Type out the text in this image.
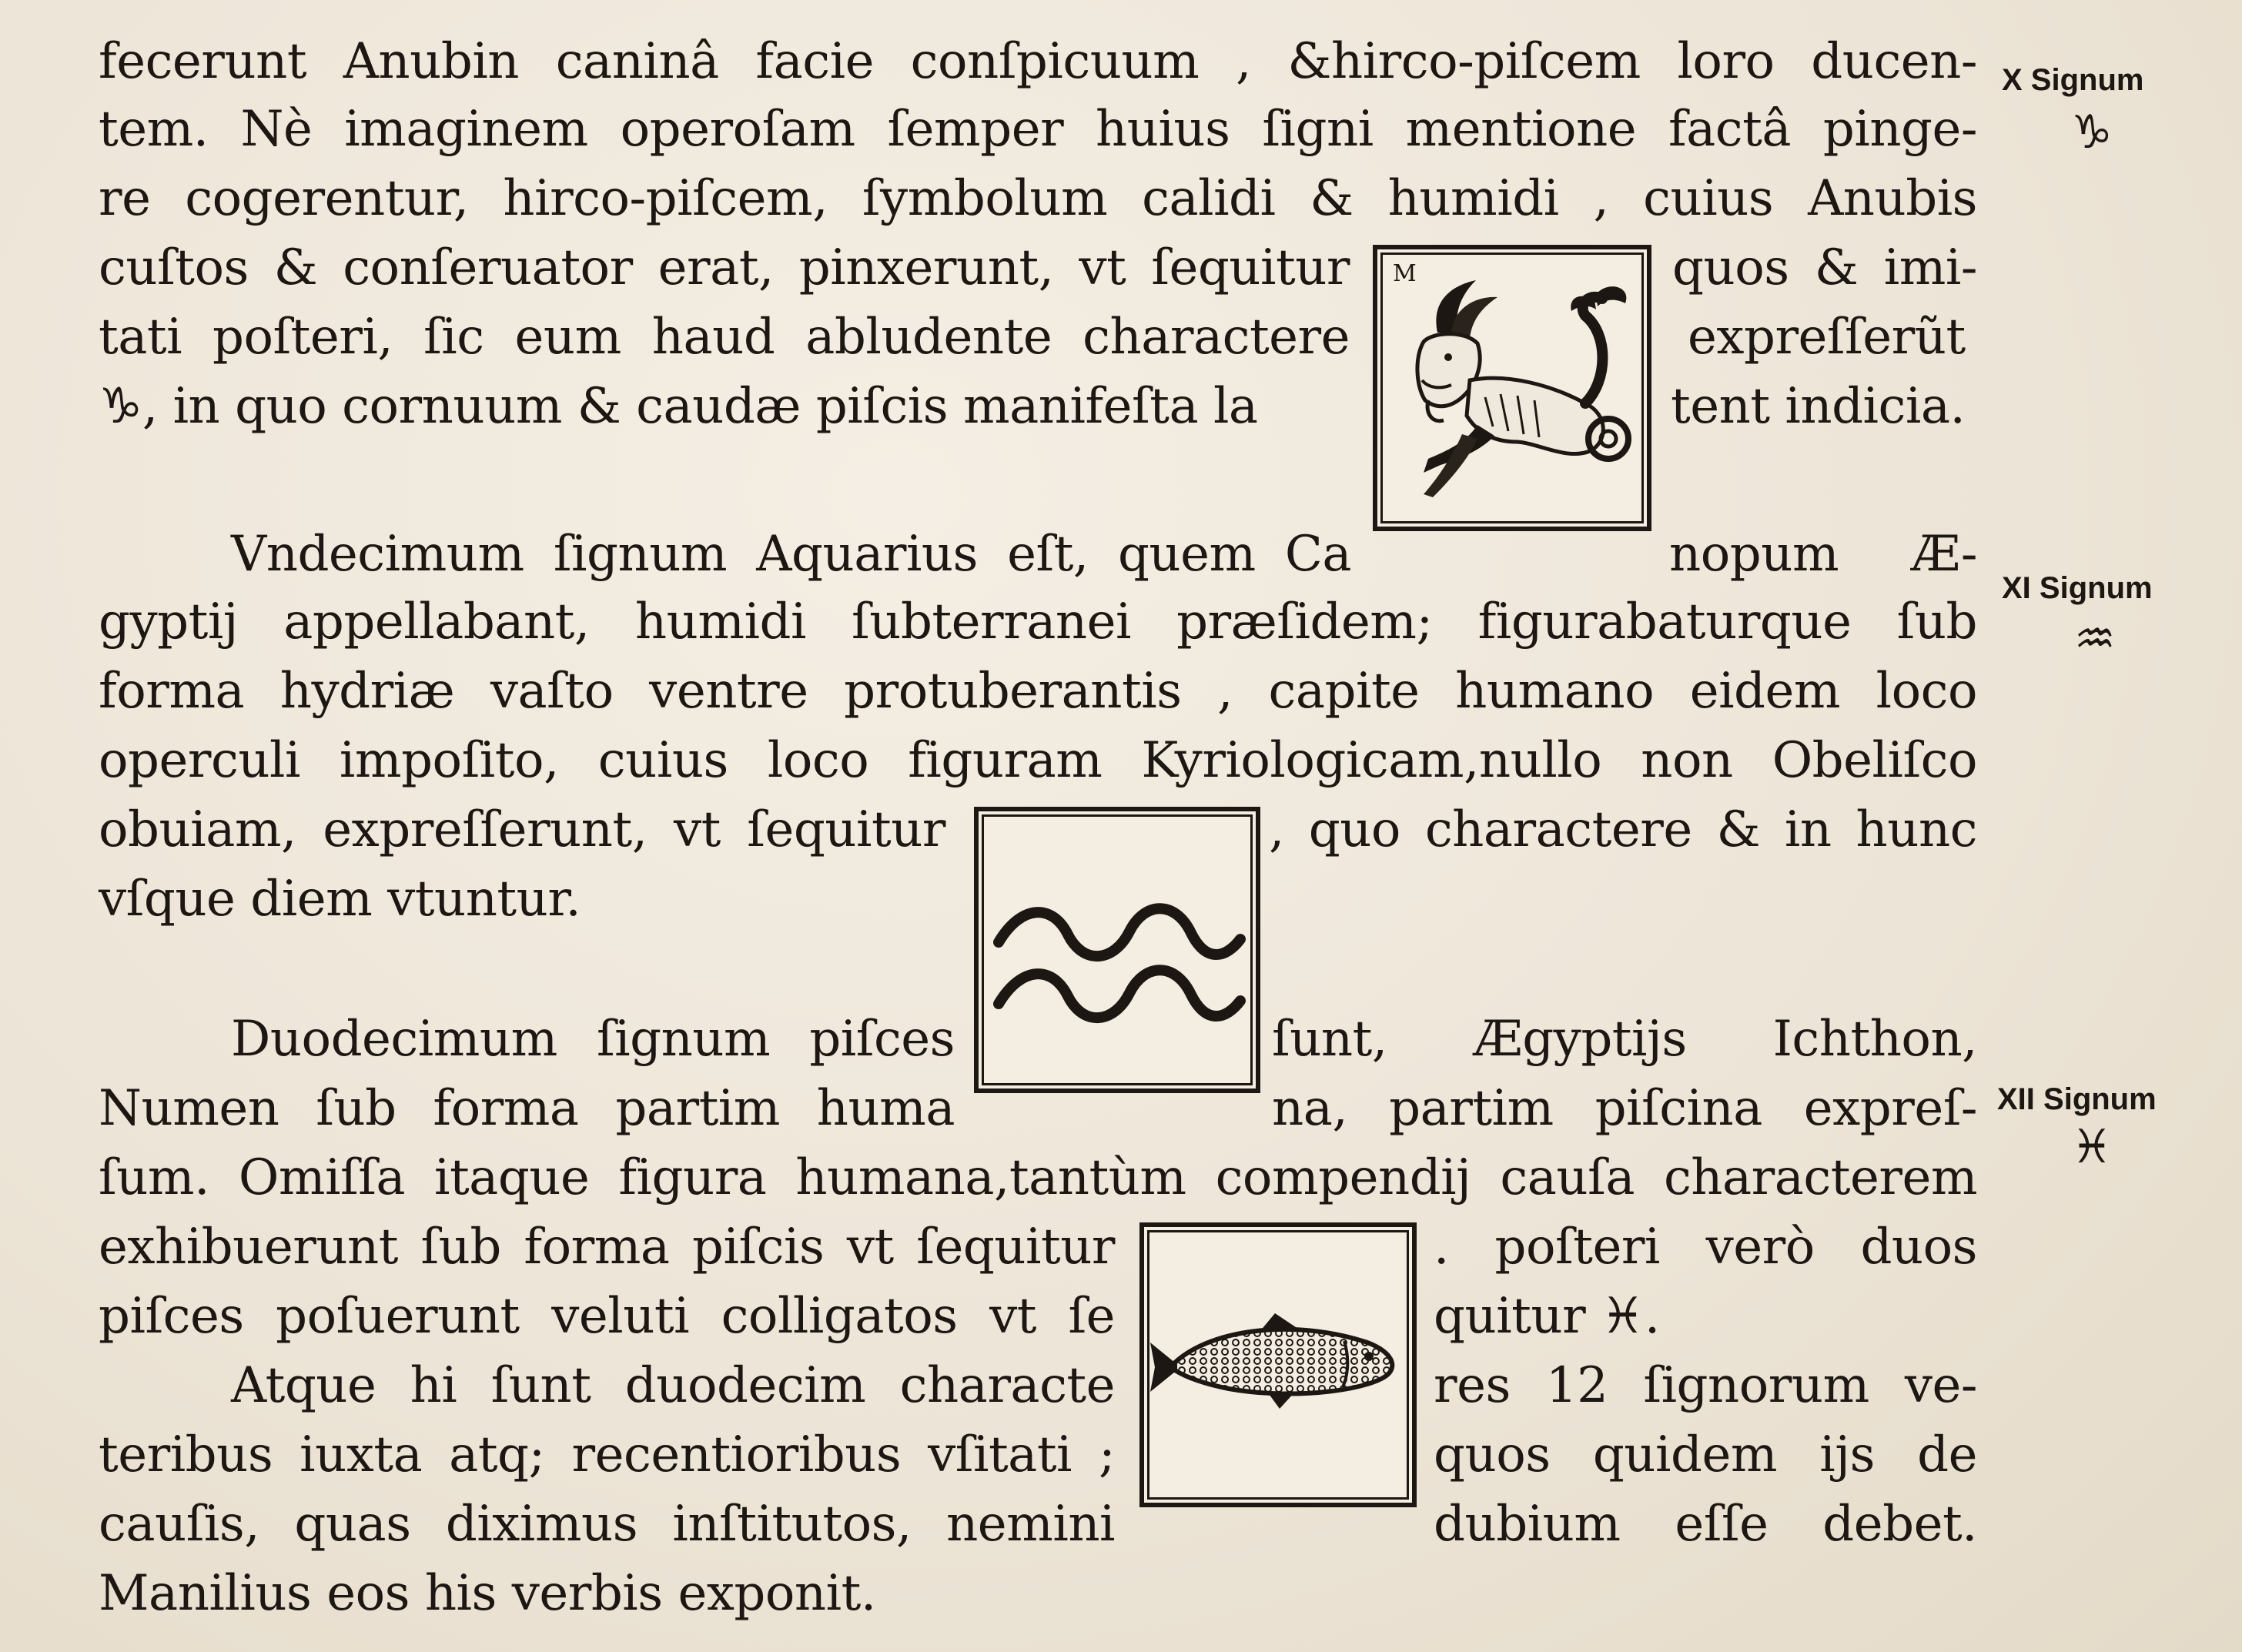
fecerunt Anubin caninâ facie conſpicuum , &hirco-piſcem loro ducen-
tem. Nè imaginem operoſam ſemper huius ſigni mentione factâ pinge-
re cogerentur, hirco-piſcem, ſymbolum calidi & humidi , cuius Anubis
cuſtos & conſeruator erat, pinxerunt, vt ſequitur	quos & imi-
tati poſteri, ſic eum haud abludente charactere	expreſſerũt
♑, in quo cornuum & caudæ piſcis manifeſta la	tent indicia.
M
Vndecimum ſignum Aquarius eſt, quem Ca	nopum Æ-
gyptij appellabant, humidi ſubterranei præſidem; figurabaturque ſub
forma hydriæ vaſto ventre protuberantis , capite humano eidem loco
operculi impoſito, cuius loco figuram Kyriologicam,nullo non Obeliſco
obuiam, expreſſerunt, vt ſequitur	, quo charactere & in hunc
vſque diem vtuntur.
Duodecimum ſignum piſces	ſunt, Ægyptijs Ichthon,
Numen ſub forma partim huma	na, partim piſcina expreſ-
ſum. Omiſſa itaque figura humana,tantùm compendij cauſa characterem
exhibuerunt ſub forma piſcis vt ſequitur	. poſteri verò duos
piſces poſuerunt veluti colligatos vt ſe	quitur ♓.
Atque hi ſunt duodecim characte	res 12 ſignorum ve-
teribus iuxta atq; recentioribus vſitati ;	quos quidem ijs de
cauſis, quas diximus inſtitutos, nemini	dubium eſſe debet.
Manilius eos his verbis exponit.
X Signum
♑
XI Signum
♒
XII Signum
♓
